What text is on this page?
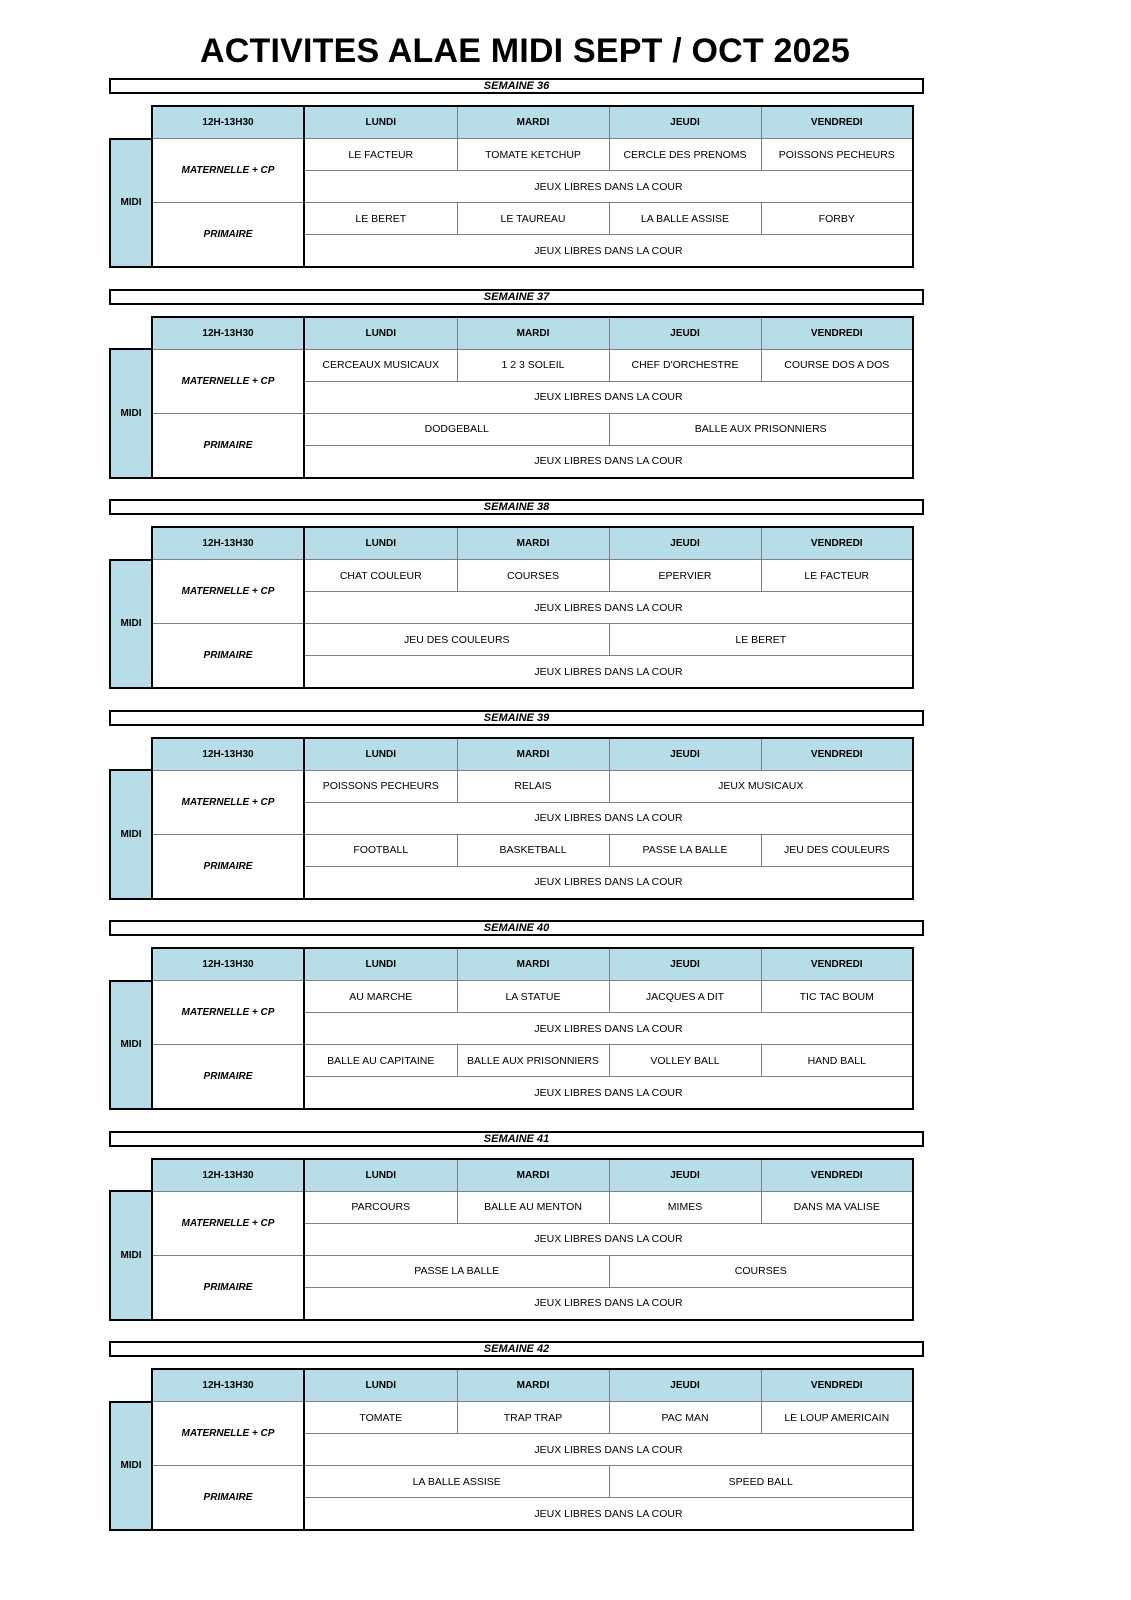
ACTIVITES ALAE MIDI SEPT / OCT 2025
SEMAINE 36
	12H-13H30	LUNDI	MARDI	JEUDI	VENDREDI
MIDI	MATERNELLE + CP	LE FACTEUR	TOMATE KETCHUP	CERCLE DES PRENOMS	POISSONS PECHEURS
		JEUX LIBRES DANS LA COUR			
	PRIMAIRE	LE BERET	LE TAUREAU	LA BALLE ASSISE	FORBY
		JEUX LIBRES DANS LA COUR			
SEMAINE 37
	12H-13H30	LUNDI	MARDI	JEUDI	VENDREDI
MIDI	MATERNELLE + CP	CERCEAUX MUSICAUX	1 2 3 SOLEIL	CHEF D'ORCHESTRE	COURSE DOS A DOS
		JEUX LIBRES DANS LA COUR			
	PRIMAIRE	DODGEBALL		BALLE AUX PRISONNIERS	
		JEUX LIBRES DANS LA COUR			
SEMAINE 38
	12H-13H30	LUNDI	MARDI	JEUDI	VENDREDI
MIDI	MATERNELLE + CP	CHAT COULEUR	COURSES	EPERVIER	LE FACTEUR
		JEUX LIBRES DANS LA COUR			
	PRIMAIRE	JEU DES COULEURS		LE BERET	
		JEUX LIBRES DANS LA COUR			
SEMAINE 39
	12H-13H30	LUNDI	MARDI	JEUDI	VENDREDI
MIDI	MATERNELLE + CP	POISSONS PECHEURS	RELAIS	JEUX MUSICAUX	
		JEUX LIBRES DANS LA COUR			
	PRIMAIRE	FOOTBALL	BASKETBALL	PASSE LA BALLE	JEU DES COULEURS
		JEUX LIBRES DANS LA COUR			
SEMAINE 40
	12H-13H30	LUNDI	MARDI	JEUDI	VENDREDI
MIDI	MATERNELLE + CP	AU MARCHE	LA STATUE	JACQUES A DIT	TIC TAC BOUM
		JEUX LIBRES DANS LA COUR			
	PRIMAIRE	BALLE AU CAPITAINE	BALLE AUX PRISONNIERS	VOLLEY BALL	HAND BALL
		JEUX LIBRES DANS LA COUR			
SEMAINE 41
	12H-13H30	LUNDI	MARDI	JEUDI	VENDREDI
MIDI	MATERNELLE + CP	PARCOURS	BALLE AU MENTON	MIMES	DANS MA VALISE
		JEUX LIBRES DANS LA COUR			
	PRIMAIRE	PASSE LA BALLE		COURSES	
		JEUX LIBRES DANS LA COUR			
SEMAINE 42
	12H-13H30	LUNDI	MARDI	JEUDI	VENDREDI
MIDI	MATERNELLE + CP	TOMATE	TRAP TRAP	PAC MAN	LE LOUP AMERICAIN
		JEUX LIBRES DANS LA COUR			
	PRIMAIRE	LA BALLE ASSISE		SPEED BALL	
		JEUX LIBRES DANS LA COUR			
